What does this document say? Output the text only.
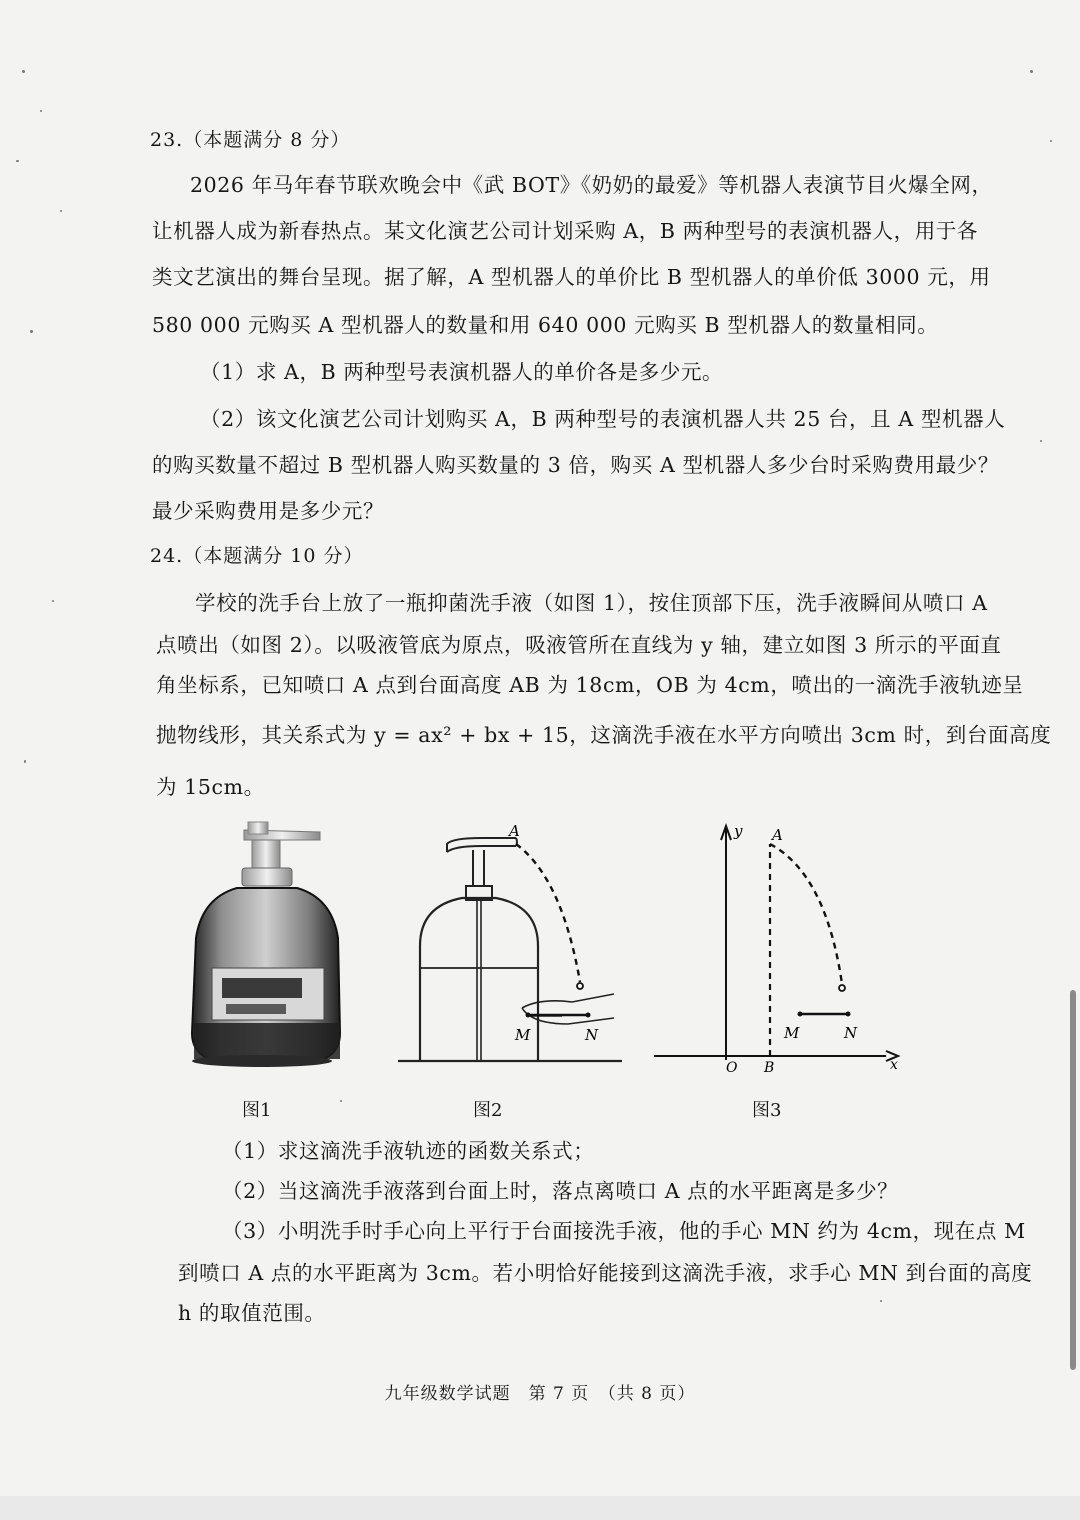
23.（本题满分 8 分）
2026 年马年春节联欢晚会中《武 BOT》《奶奶的最爱》等机器人表演节目火爆全网，
让机器人成为新春热点。某文化演艺公司计划采购 A，B 两种型号的表演机器人，用于各
类文艺演出的舞台呈现。据了解，A 型机器人的单价比 B 型机器人的单价低 3000 元，用
580 000 元购买 A 型机器人的数量和用 640 000 元购买 B 型机器人的数量相同。
（1）求 A，B 两种型号表演机器人的单价各是多少元。
（2）该文化演艺公司计划购买 A，B 两种型号的表演机器人共 25 台，且 A 型机器人
的购买数量不超过 B 型机器人购买数量的 3 倍，购买 A 型机器人多少台时采购费用最少？
最少采购费用是多少元？
24.（本题满分 10 分）
学校的洗手台上放了一瓶抑菌洗手液（如图 1），按住顶部下压，洗手液瞬间从喷口 A
点喷出（如图 2）。以吸液管底为原点，吸液管所在直线为 y 轴，建立如图 3 所示的平面直
角坐标系，已知喷口 A 点到台面高度 AB 为 18cm，OB 为 4cm，喷出的一滴洗手液轨迹呈
抛物线形，其关系式为 y = ax² + bx + 15，这滴洗手液在水平方向喷出 3cm 时，到台面高度
为 15cm。
A
M	N
y A
M	N
O B	x
图1	图2	图3
（1）求这滴洗手液轨迹的函数关系式；
（2）当这滴洗手液落到台面上时，落点离喷口 A 点的水平距离是多少？
（3）小明洗手时手心向上平行于台面接洗手液，他的手心 MN 约为 4cm，现在点 M
到喷口 A 点的水平距离为 3cm。若小明恰好能接到这滴洗手液，求手心 MN 到台面的高度
h 的取值范围。
九年级数学试题　第 7 页　（共 8 页）
